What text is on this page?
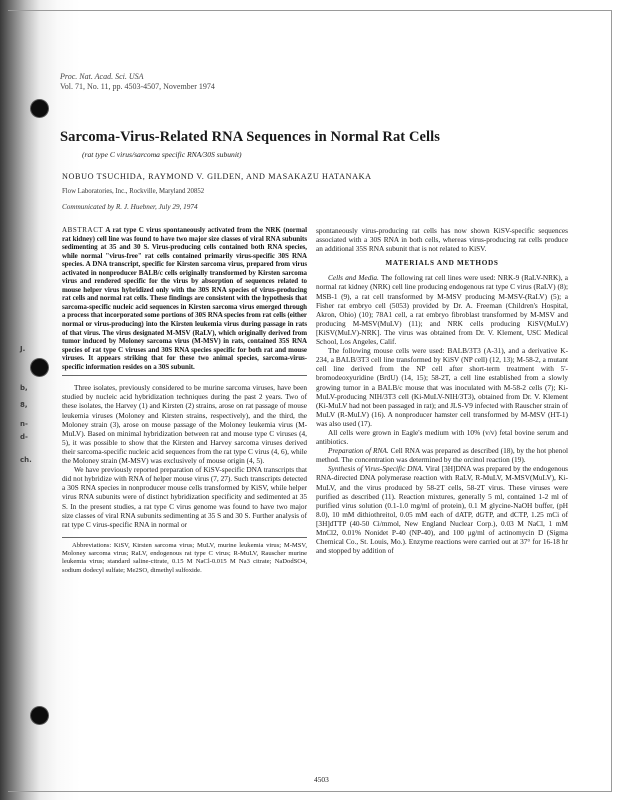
J.
b,
8,
n-
d-
ch.
Proc. Nat. Acad. Sci. USA
Vol. 71, No. 11, pp. 4503-4507, November 1974
Sarcoma-Virus-Related RNA Sequences in Normal Rat Cells
(rat type C virus/sarcoma specific RNA/30S subunit)
NOBUO TSUCHIDA, RAYMOND V. GILDEN, AND MASAKAZU HATANAKA
Flow Laboratories, Inc., Rockville, Maryland 20852
Communicated by R. J. Huebner, July 29, 1974
ABSTRACT A rat type C virus spontaneously activated from the NRK (normal rat kidney) cell line was found to have two major size classes of viral RNA subunits sedimenting at 35 and 30 S. Virus-producing cells contained both RNA species, while normal "virus-free" rat cells contained primarily virus-specific 30S RNA species. A DNA transcript, specific for Kirsten sarcoma virus, prepared from virus activated in nonproducer BALB/c cells originally transformed by Kirsten sarcoma virus and rendered specific for the virus by absorption of sequences related to mouse helper virus hybridized only with the 30S RNA species of virus-producing rat cells and normal rat cells. These findings are consistent with the hypothesis that sarcoma-specific nucleic acid sequences in Kirsten sarcoma virus emerged through a process that incorporated some portions of 30S RNA species from rat cells (either normal or virus-producing) into the Kirsten leukemia virus during passage in rats of that virus. The virus designated M-MSV (RaLV), which originally derived from tumor induced by Moloney sarcoma virus (M-MSV) in rats, contained 35S RNA species of rat type C viruses and 30S RNA species specific for both rat and mouse viruses. It appears striking that for these two animal species, sarcoma-virus-specific information resides on a 30S subunit.

Three isolates, previously considered to be murine sarcoma viruses, have been studied by nucleic acid hybridization techniques during the past 2 years. Two of these isolates, the Harvey (1) and Kirsten (2) strains, arose on rat passage of mouse leukemia viruses (Moloney and Kirsten strains, respectively), and the third, the Moloney strain (3), arose on mouse passage of the Moloney leukemia virus (M-MuLV). Based on minimal hybridization between rat and mouse type C viruses (4, 5), it was possible to show that the Kirsten and Harvey sarcoma viruses derived their sarcoma-specific nucleic acid sequences from the rat type C virus (4, 6), while the Moloney strain (M-MSV) was exclusively of mouse origin (4, 5).

We have previously reported preparation of KiSV-specific DNA transcripts that did not hybridize with RNA of helper mouse virus (7, 27). Such transcripts detected a 30S RNA species in nonproducer mouse cells transformed by KiSV, while helper virus RNA subunits were of distinct hybridization specificity and sedimented at 35 S. In the present studies, a rat type C virus genome was found to have two major size classes of viral RNA subunits sedimenting at 35 S and 30 S. Further analysis of rat type C virus-specific RNA in normal or

Abbreviations: KiSV, Kirsten sarcoma virus; MuLV, murine leukemia virus; M-MSV, Moloney sarcoma virus; RaLV, endogenous rat type C virus; R-MuLV, Rauscher murine leukemia virus; standard saline-citrate, 0.15 M NaCl-0.015 M Na3 citrate; NaDodSO4, sodium dodecyl sulfate; Me2SO, dimethyl sulfoxide.

spontaneously virus-producing rat cells has now shown KiSV-specific sequences associated with a 30S RNA in both cells, whereas virus-producing rat cells produce an additional 35S RNA subunit that is not related to KiSV.

MATERIALS AND METHODS

Cells and Media. The following rat cell lines were used: NRK-9 (RaLV-NRK), a normal rat kidney (NRK) cell line producing endogenous rat type C virus (RaLV) (8); MSB-1 (9), a rat cell transformed by M-MSV producing M-MSV-(RaLV) (5); a Fisher rat embryo cell (5053) provided by Dr. A. Freeman (Children's Hospital, Akron, Ohio) (10); 78A1 cell, a rat embryo fibroblast transformed by M-MSV and producing M-MSV(MuLV) (11); and NRK cells producing KiSV(MuLV) [KiSV(MuLV)-NRK]. The virus was obtained from Dr. V. Klement, USC Medical School, Los Angeles, Calif.

The following mouse cells were used: BALB/3T3 (A-31), and a derivative K-234, a BALB/3T3 cell line transformed by KiSV (NP cell) (12, 13); M-58-2, a mutant cell line derived from the NP cell after short-term treatment with 5'-bromodeoxyuridine (BrdU) (14, 15); 58-2T, a cell line established from a slowly growing tumor in a BALB/c mouse that was inoculated with M-58-2 cells (7); Ki-MuLV-producing NIH/3T3 cell (Ki-MuLV-NIH/3T3), obtained from Dr. V. Klement (Ki-MuLV had not been passaged in rat); and JLS-V9 infected with Rauscher strain of MuLV (R-MuLV) (16). A nonproducer hamster cell transformed by M-MSV (HT-1) was also used (17).

All cells were grown in Eagle's medium with 10% (v/v) fetal bovine serum and antibiotics.

Preparation of RNA. Cell RNA was prepared as described (18), by the hot phenol method. The concentration was determined by the orcinol reaction (19).

Synthesis of Virus-Specific DNA. Viral [3H]DNA was prepared by the endogenous RNA-directed DNA polymerase reaction with RaLV, R-MuLV, M-MSV(MuLV), Ki-MuLV, and the virus produced by 58-2T cells, 58-2T virus. These viruses were purified as described (11). Reaction mixtures, generally 5 ml, contained 1-2 ml of purified virus solution (0.1-1.0 mg/ml of protein), 0.1 M glycine-NaOH buffer, (pH 8.0), 10 mM dithiothreitol, 0.05 mM each of dATP, dGTP, and dCTP, 1.25 mCi of [3H]dTTP (40-50 Ci/mmol, New England Nuclear Corp.), 0.03 M NaCl, 1 mM MnCl2, 0.01% Nonidet P-40 (NP-40), and 100 μg/ml of actinomycin D (Sigma Chemical Co., St. Louis, Mo.). Enzyme reactions were carried out at 37° for 16-18 hr and stopped by addition of

4503
